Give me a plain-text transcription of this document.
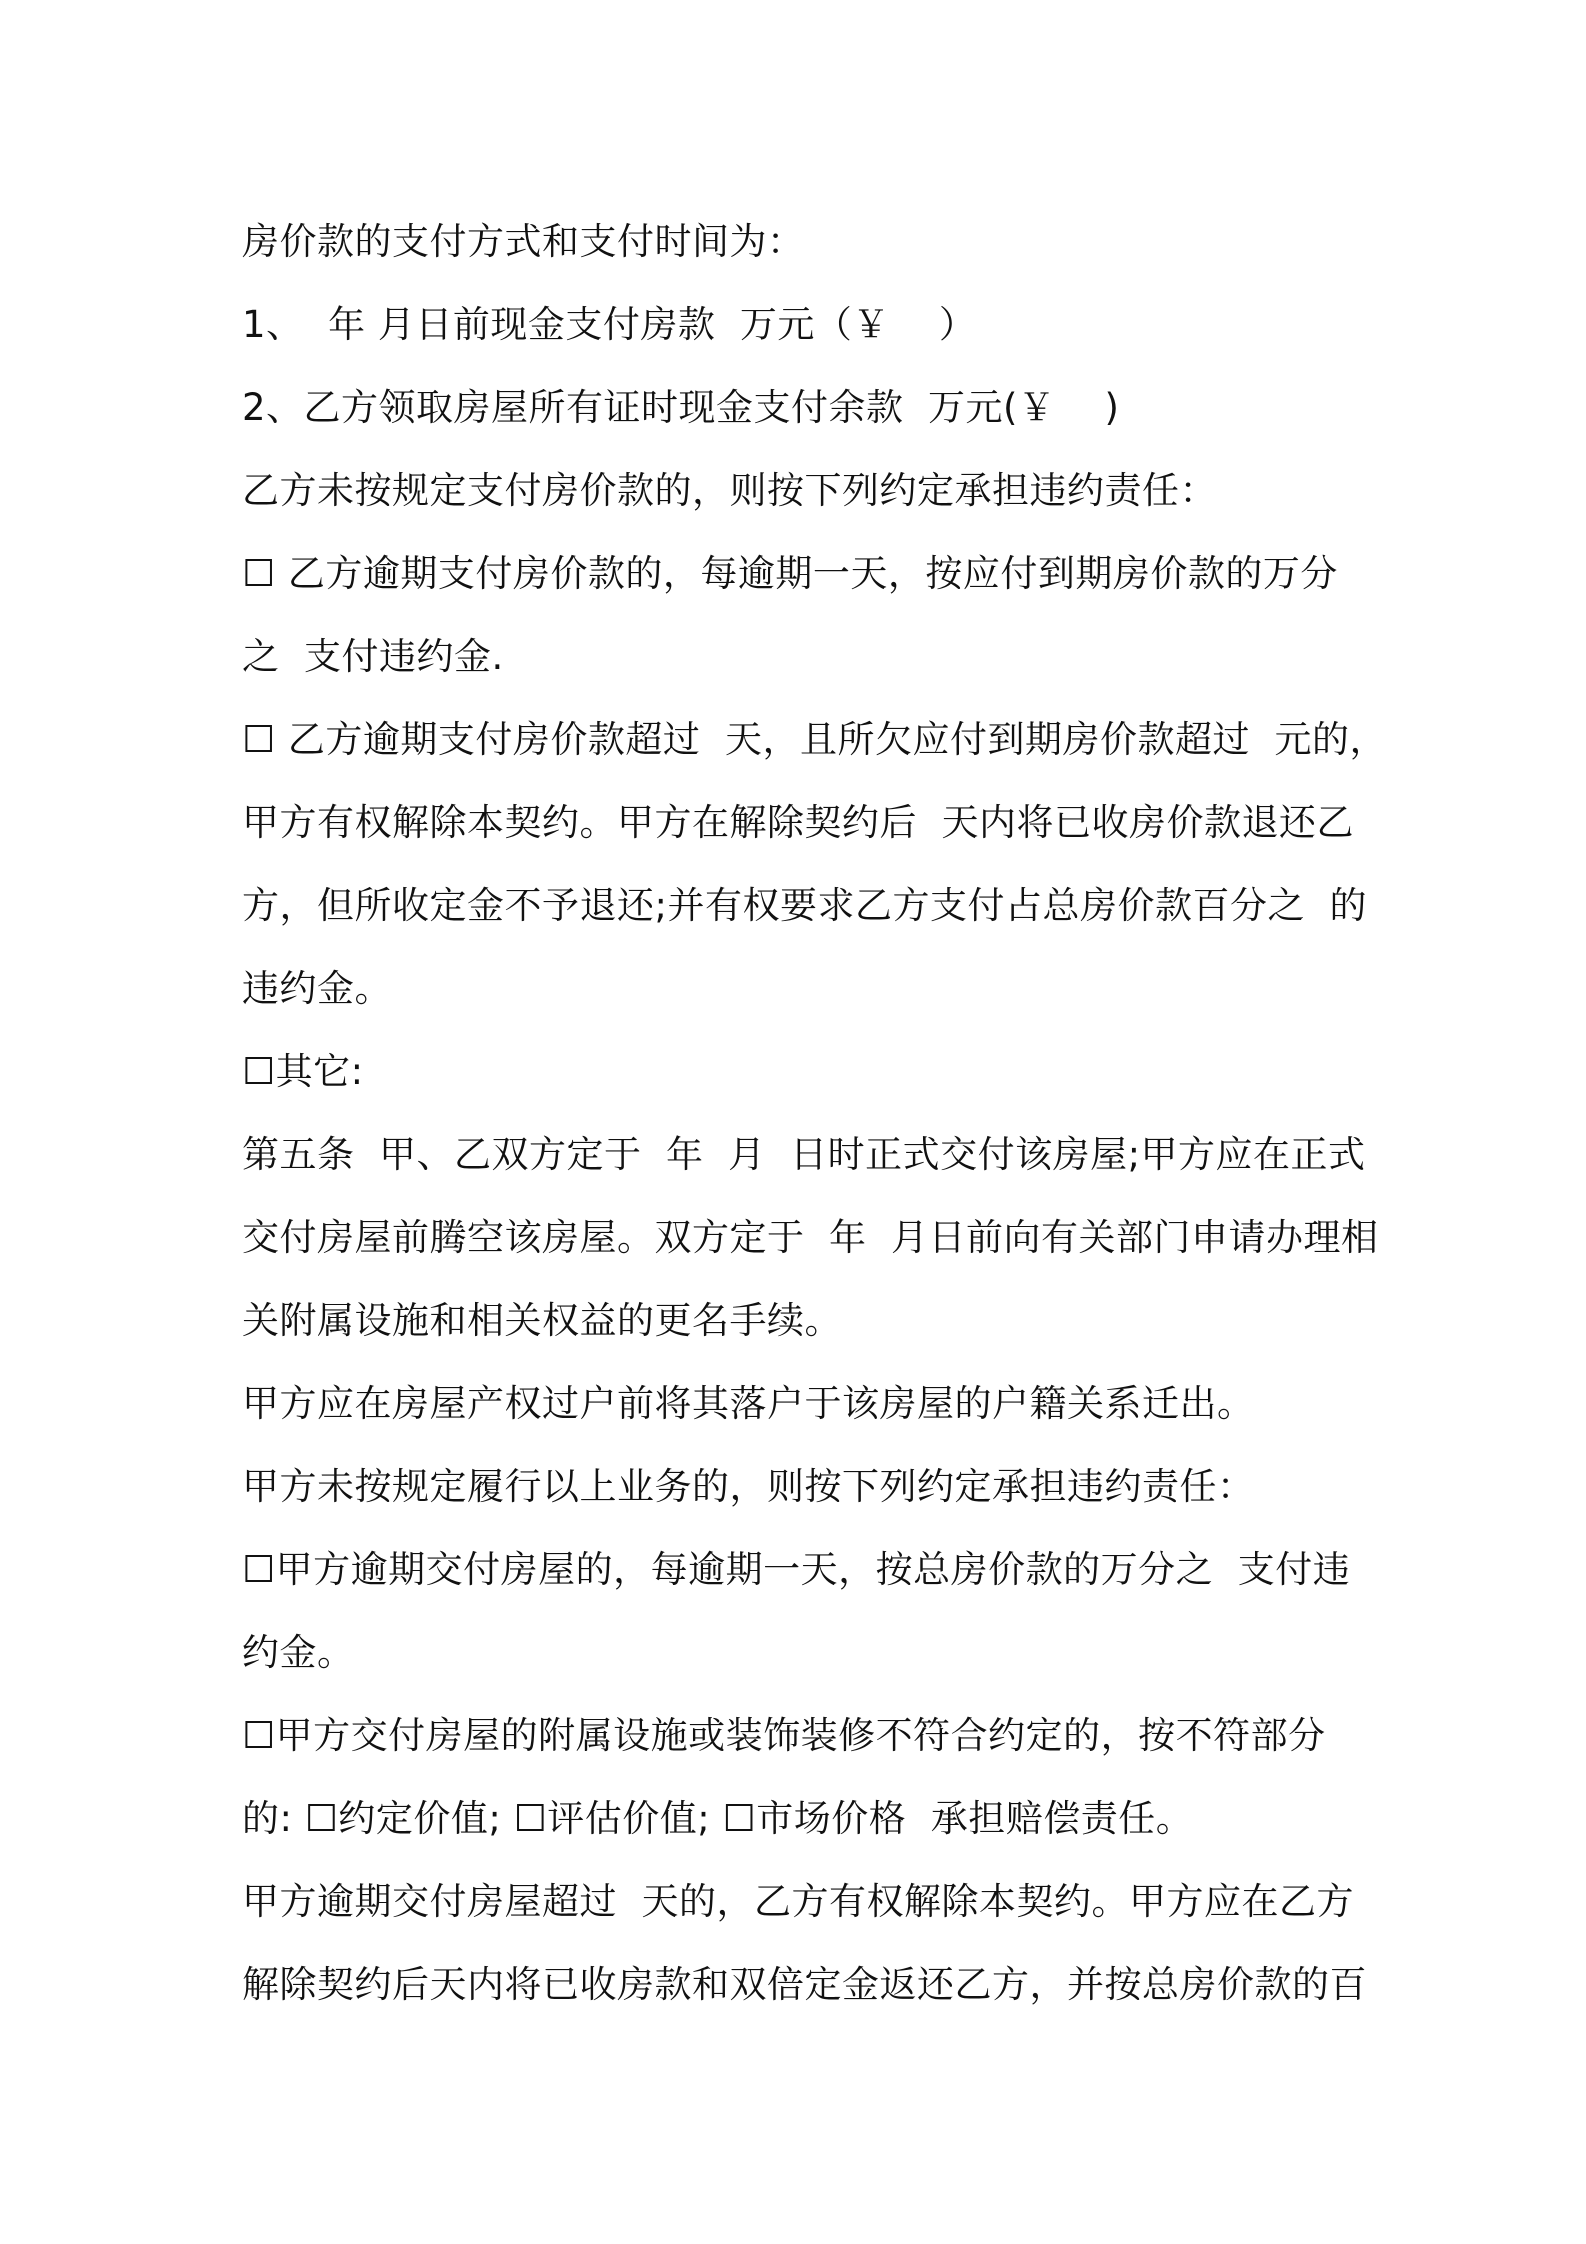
房价款的支付方式和支付时间为：
1、  年 月日前现金支付房款  万元（￥    ）
2、乙方领取房屋所有证时现金支付余款  万元(￥    )
乙方未按规定支付房价款的，则按下列约定承担违约责任：
☐ 乙方逾期支付房价款的，每逾期一天，按应付到期房价款的万分
之  支付违约金.
☐ 乙方逾期支付房价款超过  天，且所欠应付到期房价款超过  元的，
甲方有权解除本契约。甲方在解除契约后  天内将已收房价款退还乙
方，但所收定金不予退还;并有权要求乙方支付占总房价款百分之  的
违约金。
☐其它:
第五条  甲、乙双方定于  年  月  日时正式交付该房屋;甲方应在正式
交付房屋前腾空该房屋。双方定于  年  月日前向有关部门申请办理相
关附属设施和相关权益的更名手续。
甲方应在房屋产权过户前将其落户于该房屋的户籍关系迁出。
甲方未按规定履行以上业务的，则按下列约定承担违约责任：
☐甲方逾期交付房屋的，每逾期一天，按总房价款的万分之  支付违
约金。
☐甲方交付房屋的附属设施或装饰装修不符合约定的，按不符部分
的: ☐约定价值; ☐评估价值; ☐市场价格  承担赔偿责任。
甲方逾期交付房屋超过  天的，乙方有权解除本契约。甲方应在乙方
解除契约后天内将已收房款和双倍定金返还乙方，并按总房价款的百
